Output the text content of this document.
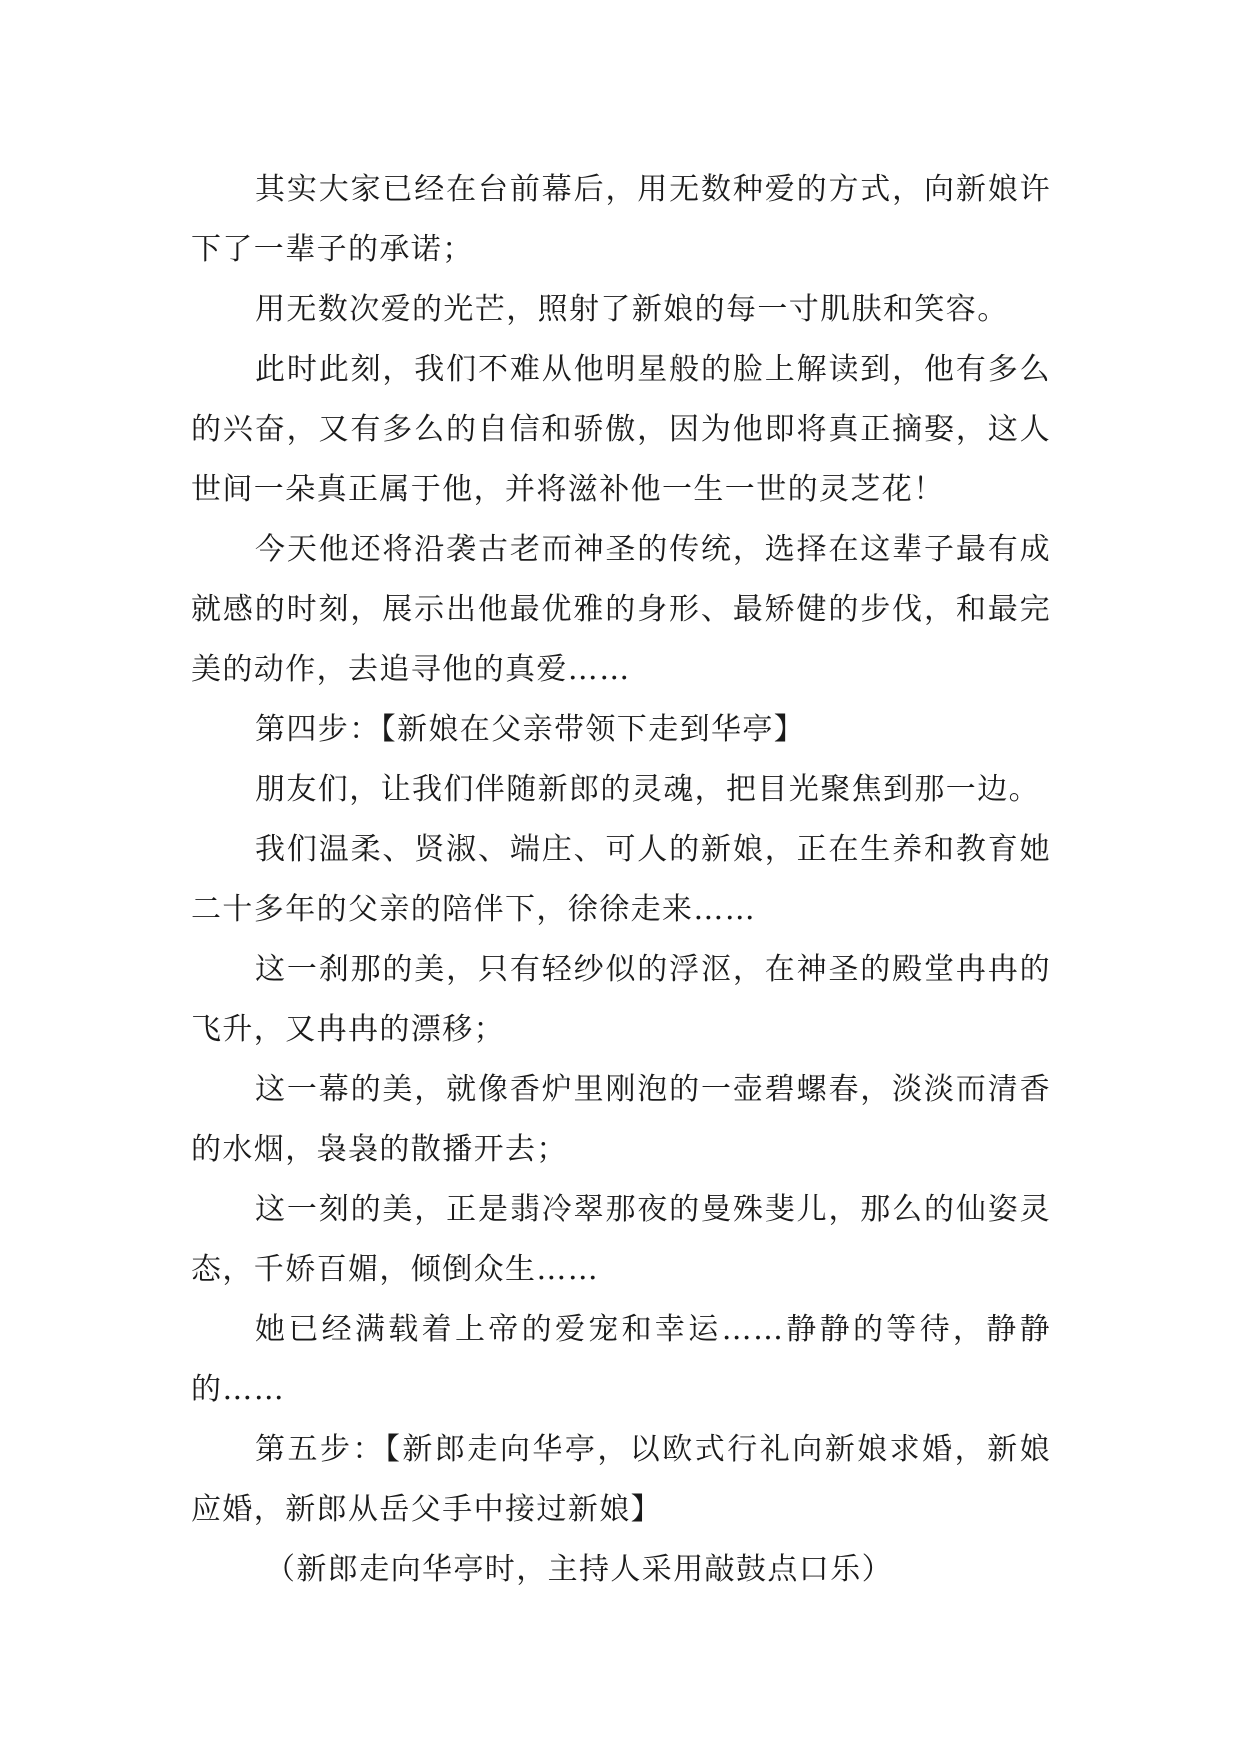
其实大家已经在台前幕后，用无数种爱的方式，向新娘许下了一辈子的承诺；

用无数次爱的光芒，照射了新娘的每一寸肌肤和笑容。

此时此刻，我们不难从他明星般的脸上解读到，他有多么的兴奋，又有多么的自信和骄傲，因为他即将真正摘娶，这人世间一朵真正属于他，并将滋补他一生一世的灵芝花！

今天他还将沿袭古老而神圣的传统，选择在这辈子最有成就感的时刻，展示出他最优雅的身形、最矫健的步伐，和最完美的动作，去追寻他的真爱……

第四步：【新娘在父亲带领下走到华亭】

朋友们，让我们伴随新郎的灵魂，把目光聚焦到那一边。

我们温柔、贤淑、端庄、可人的新娘，正在生养和教育她二十多年的父亲的陪伴下，徐徐走来……

这一刹那的美，只有轻纱似的浮沤，在神圣的殿堂冉冉的飞升，又冉冉的漂移；

这一幕的美，就像香炉里刚泡的一壶碧螺春，淡淡而清香的水烟，袅袅的散播开去；

这一刻的美，正是翡冷翠那夜的曼殊斐儿，那么的仙姿灵态，千娇百媚，倾倒众生……

她已经满载着上帝的爱宠和幸运……静静的等待，静静的……

第五步：【新郎走向华亭，以欧式行礼向新娘求婚，新娘应婚，新郎从岳父手中接过新娘】

（新郎走向华亭时，主持人采用敲鼓点口乐）
